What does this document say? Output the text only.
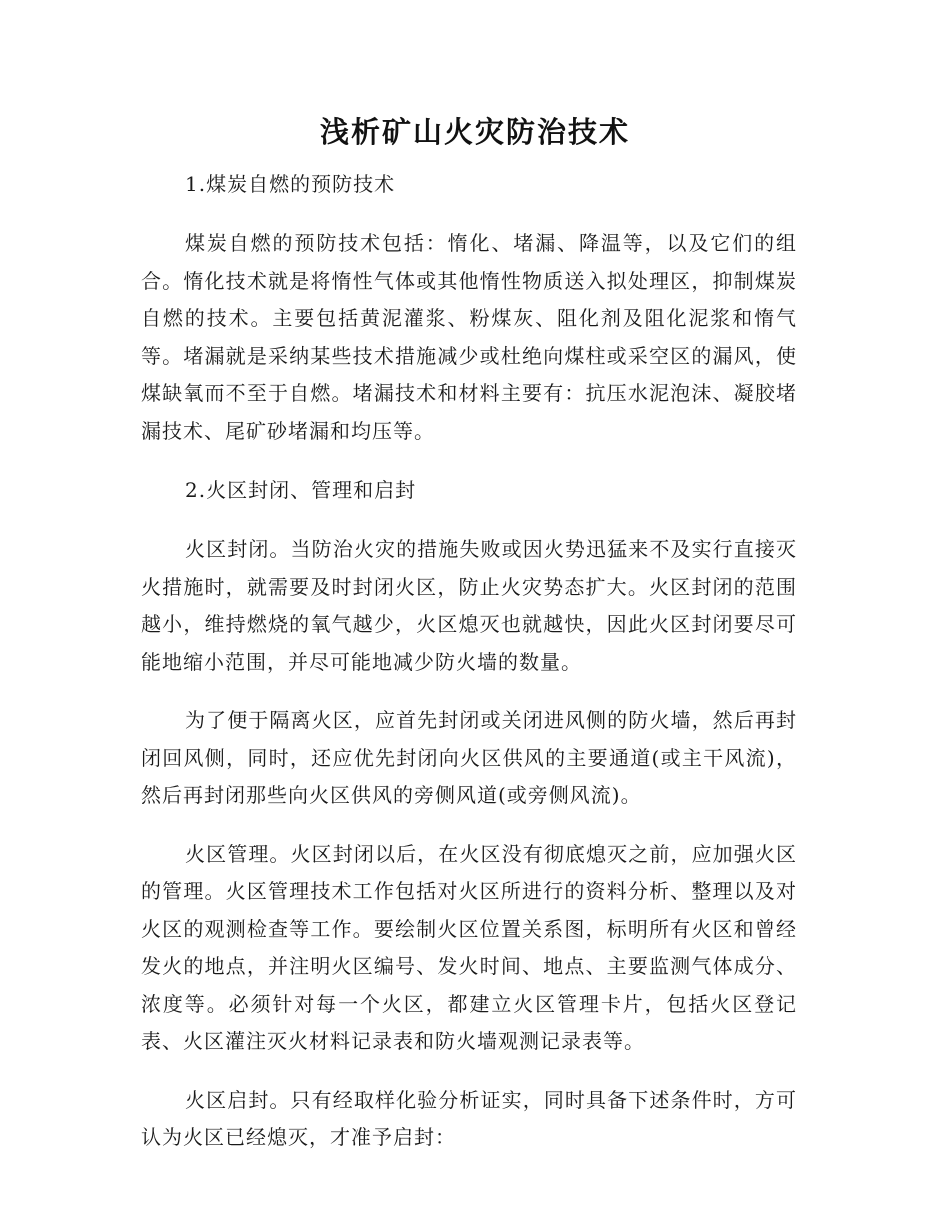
浅析矿山火灾防治技术

1.煤炭自燃的预防技术

煤炭自燃的预防技术包括：惰化、堵漏、降温等，以及它们的组合。惰化技术就是将惰性气体或其他惰性物质送入拟处理区，抑制煤炭自燃的技术。主要包括黄泥灌浆、粉煤灰、阻化剂及阻化泥浆和惰气等。堵漏就是采纳某些技术措施减少或杜绝向煤柱或采空区的漏风，使煤缺氧而不至于自燃。堵漏技术和材料主要有：抗压水泥泡沫、凝胶堵漏技术、尾矿砂堵漏和均压等。

2.火区封闭、管理和启封

火区封闭。当防治火灾的措施失败或因火势迅猛来不及实行直接灭火措施时，就需要及时封闭火区，防止火灾势态扩大。火区封闭的范围越小，维持燃烧的氧气越少，火区熄灭也就越快，因此火区封闭要尽可能地缩小范围，并尽可能地减少防火墙的数量。

为了便于隔离火区，应首先封闭或关闭进风侧的防火墙，然后再封闭回风侧，同时，还应优先封闭向火区供风的主要通道(或主干风流)，然后再封闭那些向火区供风的旁侧风道(或旁侧风流)。

火区管理。火区封闭以后，在火区没有彻底熄灭之前，应加强火区的管理。火区管理技术工作包括对火区所进行的资料分析、整理以及对火区的观测检查等工作。要绘制火区位置关系图，标明所有火区和曾经发火的地点，并注明火区编号、发火时间、地点、主要监测气体成分、浓度等。必须针对每一个火区，都建立火区管理卡片，包括火区登记表、火区灌注灭火材料记录表和防火墙观测记录表等。

火区启封。只有经取样化验分析证实，同时具备下述条件时，方可认为火区已经熄灭，才准予启封：
